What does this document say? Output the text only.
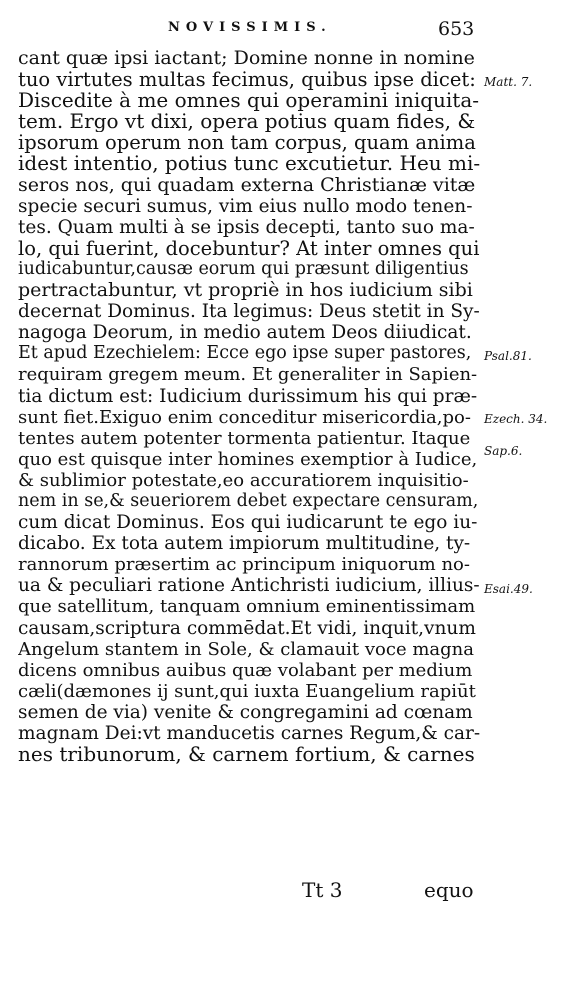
NOVISSIMIS.	653
cant quæ ipsi iactant; Domine nonne in nomine
tuo virtutes multas fecimus, quibus ipse dicet:
Discedite à me omnes qui operamini iniquita-
tem. Ergo vt dixi, opera potius quam fides, &
ipsorum operum non tam corpus, quam anima
idest intentio, potius tunc excutietur. Heu mi-
seros nos, qui quadam externa Christianæ vitæ
specie securi sumus, vim eius nullo modo tenen-
tes. Quam multi à se ipsis decepti, tanto suo ma-
lo, qui fuerint, docebuntur? At inter omnes qui
iudicabuntur,causæ eorum qui præsunt diligentius
pertractabuntur, vt propriè in hos iudicium sibi
decernat Dominus. Ita legimus: Deus stetit in Sy-
nagoga Deorum, in medio autem Deos diiudicat.
Et apud Ezechielem: Ecce ego ipse super pastores,
requiram gregem meum. Et generaliter in Sapien-
tia dictum est: Iudicium durissimum his qui præ-
sunt fiet.Exiguo enim conceditur misericordia,po-
tentes autem potenter tormenta patientur. Itaque
quo est quisque inter homines exemptior à Iudice,
& sublimior potestate,eo accuratiorem inquisitio-
nem in se,& seueriorem debet expectare censuram,
cum dicat Dominus. Eos qui iudicarunt te ego iu-
dicabo. Ex tota autem impiorum multitudine, ty-
rannorum præsertim ac principum iniquorum no-
ua & peculiari ratione Antichristi iudicium, illius-
que satellitum, tanquam omnium eminentissimam
causam,scriptura commēdat.Et vidi, inquit,vnum
Angelum stantem in Sole, & clamauit voce magna
dicens omnibus auibus quæ volabant per medium
cæli(dæmones ij sunt,qui iuxta Euangelium rapiūt
semen de via) venite & congregamini ad cœnam
magnam Dei:vt manducetis carnes Regum,& car-
nes tribunorum, & carnem fortium, & carnes
Matt. 7.
Psal.81.
Ezech. 34.
Sap.6.
Esai.49.
Tt 3	equo
